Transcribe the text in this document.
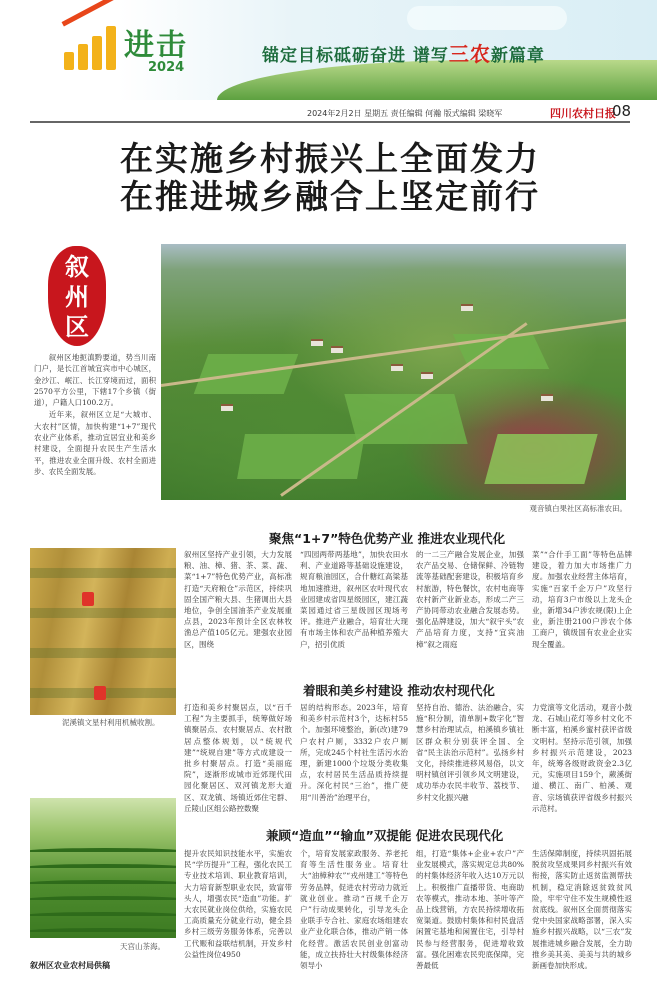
进击
2024
锚定目标砥砺奋进 谱写三农新篇章
2024年2月2日 星期五 责任编辑 何瀚 版式编辑 梁晓军	四川农村日报
08
在实施乡村振兴上全面发力
在推进城乡融合上坚定前行
叙
州
区

叙州区地扼滇黔要道，势当川南门户，是长江首城宜宾市中心城区，金沙江、岷江、长江穿境而过，面积2570平方公里，下辖17个乡镇（街道），户籍人口100.2万。

近年来，叙州区立足“大城市、大农村”区情，加快构建“1+7”现代农业产业体系，推动宜居宜业和美乡村建设，全面提升农民生产生活水平，推进农业全面升级、农村全面进步、农民全面发展。

观音镇白果社区高标准农田。
聚焦“1+7”特色优势产业 推进农业现代化
叙州区坚持产业引领，大力发展粮、油、樟、猪、茶、菜、蔬、菜“1+7”特色优势产业，高标准打造“天府粮仓”示范区，持续巩固全国产粮大县、生猪调出大县地位，争创全国油茶产业发展重点县，2023年预计全区农林牧渔总产值105亿元。建强农业园区，围绕
“四园两带两基地”，加快农田水利、产业道路等基础设施建设，规育粮油园区，合什糖红高粱基地加速推进，叙州区农叶现代农业园建成省四星级园区，建江蔬菜园通过省三星级园区现场考评。推进产业融合，培育壮大现有市场主体和农产品种植养殖大户，招引优质
的一二三产融合发展企业，加强农产品交易、仓储保鲜、冷链物流等基础配套建设，积极培育乡村旅游，特色餐饮，农村电商等农村新产业新业态，形成二产三产协同带动农业融合发展态势。强化品牌建设，加大“叙宇头”农产品培育力度，支持“宜宾油樟”叙之雨庭
菜”“合什手工面”等特色品牌建设，着力加大市场推广力度。加强农业经营主体培育，实施“百家千企万户”攻坚行动，培育3户市级以上龙头企业，新增34户涉农规(限)上企业，新注册2100户涉农个体工商户，镇级国有农业企业实现全覆盖。
着眼和美乡村建设 推动农村现代化
打造和美乡村聚居点，以“百千工程”为主要抓手，统筹做好场镇聚居点、农村聚居点、农村散居点整体规划，以“统规代建”“统规自建”等方式成建设一批乡村聚居点。打造“美丽庭院”，逐渐形成城市近郊现代田园化聚居区、双河镇龙形大道区、双龙镇、场镇近郊住宅群、丘陵山区组公路控数聚
居的结构形态。2023年，培育和美乡村示范村3个，达标村55个。加强环境整治，新(改)建79户农村户厕，3332户农户厕所，完成245个村社生活污水治理，新建1000个垃圾分类收集点，农村居民生活品质持续提升。深化村民“三治”，推广使用“川善治”治理平台，
坚持自治、德治、法治融合，实施“积分制，清单制+数字化”智慧乡村治理试点，柏溪镇乡镇社区群众积分别获评全国、全省“民主法治示范村”。弘扬乡村文化，持续推进移风易俗，以文明村镇创评引领乡风文明建设，成功举办农民丰收节、荔枝节、乡村文化振兴融
力党演等文化活动，观音小鼓龙、石城山花灯等乡村文化不断丰富，柏溪乡蜜村获评省级文明村。坚持示范引领，加强乡村振兴示范建设，2023年，统筹各级财政资金2.3亿元，实施项目159个，蕨溪街道、横江、南广、柏溪、观音、宗场镇获评省级乡村振兴示范村。
兼顾“造血”“输血”双提能 促进农民现代化
提升农民知识技能水平，实施农民“学历提升”工程，强化农民工专业技术培训、职业教育培训，大力培育新型职业农民，致富带头人，增强农民“造血”功能。扩大农民就业岗位供给，实施农民工高质量充分就业行动，健全县乡村三级劳务服务体系，完善以工代赈和益联结机制，开发乡村公益性岗位4950
个，培育发展家政服务、养老托育等生活性服务业。培育壮大“油樟种农”“戎州建工”等特色劳务品牌，促进农村劳动力就近就业创业。推动“百规千企万户”行动成果转化，引导龙头企业联手专合社、家庭农场组建农业产业化联合体，推动产销一体化经营。激活农民创业创富动能，成立扶持壮大村级集体经济领导小
组，打造“集体+企业+农户”产业发展模式，落实规定总共80%的村集体经济年收入达10万元以上。积极推广直播带货、电商助农等模式，推动本地、茶叶等产品上线营销，方农民持续增收拓宽渠道。鼓励村集体和村民盘活闲置宅基地和闲置住宅，引导村民参与经营服务，促进增收致富。强化困难农民兜底保障，完善最低
生活保障制度，持续巩固拓展脱贫攻坚成果同乡村振兴有效衔接，落实防止返贫监测帮扶机制，稳定消除返贫致贫风险，牢牢守住不发生规模性返贫底线。叙州区全面贯彻落实党中央国家战略部署，深入实施乡村振兴战略，以“三农”发展推进城乡融合发展，全力助推乡美其美、美美与共的城乡新画卷加快形成。
泥溪镇文星村利用机械收割。
天宫山茶海。
叙州区农业农村局供稿
